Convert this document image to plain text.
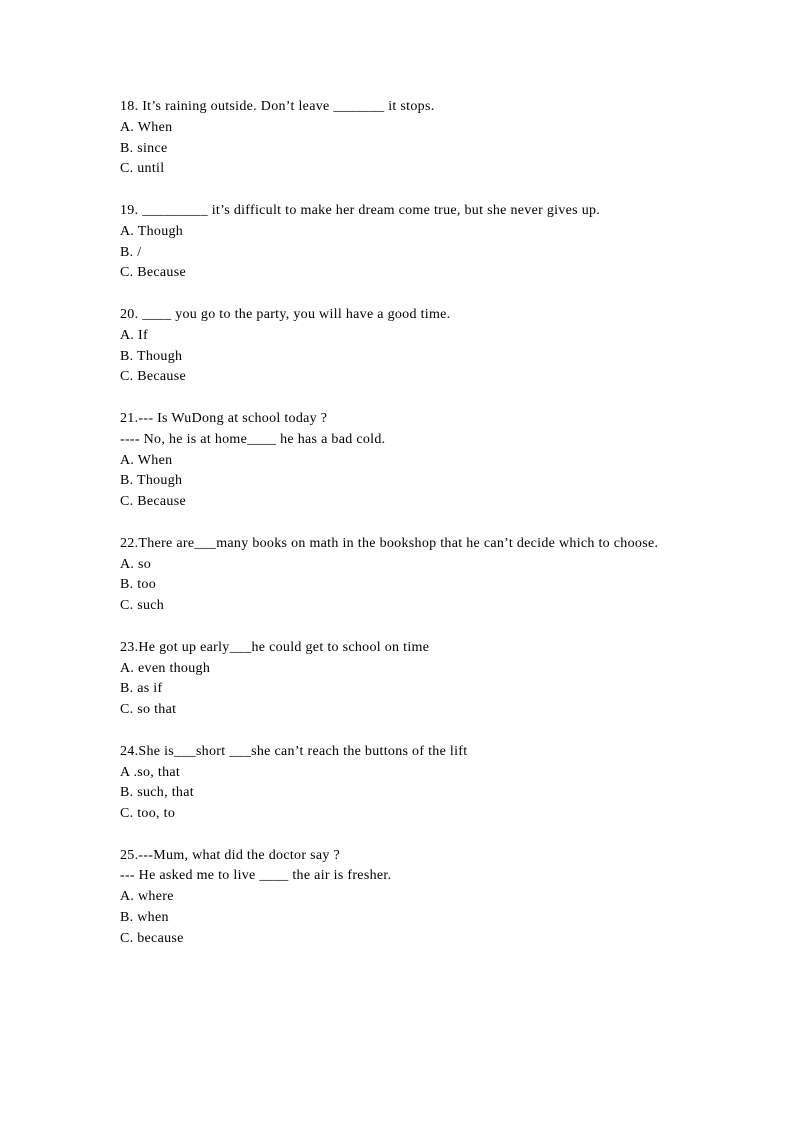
18. It’s raining outside. Don’t leave _______ it stops.
A. When
B. since
C. until
19. _________ it’s difficult to make her dream come true, but she never gives up.
A. Though
B. /
C. Because
20. ____ you go to the party, you will have a good time.
A. If
B. Though
C. Because
21.--- Is WuDong at school today ?
---- No, he is at home____ he has a bad cold.
A. When
B. Though
C. Because
22.There are___many books on math in the bookshop that he can’t decide which to choose.
A. so
B. too
C. such
23.He got up early___he could get to school on time
A. even though
B. as if
C. so that
24.She is___short ___she can’t reach the buttons of the lift
A .so, that
B. such, that
C. too, to
25.---Mum, what did the doctor say ?
--- He asked me to live ____ the air is fresher.
A. where
B. when
C. because
